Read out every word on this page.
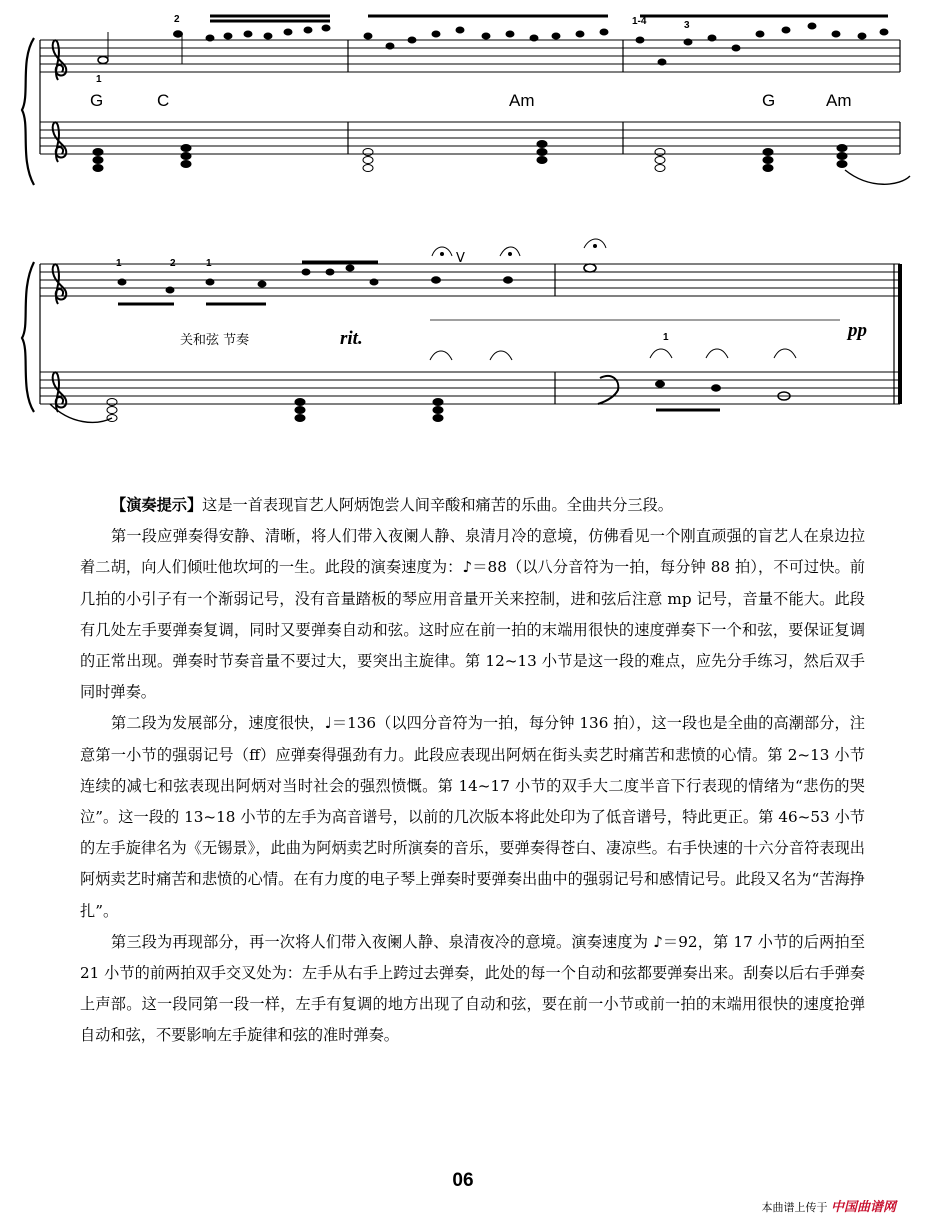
G	C	Am	G	Am
1
2	1-4	3
1	2	1
1
关和弦 节奏	rit.	pp
V

【演奏提示】这是一首表现盲艺人阿炳饱尝人间辛酸和痛苦的乐曲。全曲共分三段。

第一段应弹奏得安静、清晰，将人们带入夜阑人静、泉清月冷的意境，仿佛看见一个刚直顽强的盲艺人在泉边拉着二胡，向人们倾吐他坎坷的一生。此段的演奏速度为：♪＝88（以八分音符为一拍，每分钟 88 拍），不可过快。前几拍的小引子有一个渐弱记号，没有音量踏板的琴应用音量开关来控制，进和弦后注意 mp 记号，音量不能大。此段有几处左手要弹奏复调，同时又要弹奏自动和弦。这时应在前一拍的末端用很快的速度弹奏下一个和弦，要保证复调的正常出现。弹奏时节奏音量不要过大，要突出主旋律。第 12~13 小节是这一段的难点，应先分手练习，然后双手同时弹奏。

第二段为发展部分，速度很快，♩＝136（以四分音符为一拍，每分钟 136 拍），这一段也是全曲的高潮部分，注意第一小节的强弱记号（ff）应弹奏得强劲有力。此段应表现出阿炳在街头卖艺时痛苦和悲愤的心情。第 2~13 小节连续的减七和弦表现出阿炳对当时社会的强烈愤慨。第 14~17 小节的双手大二度半音下行表现的情绪为“悲伤的哭泣”。这一段的 13~18 小节的左手为高音谱号，以前的几次版本将此处印为了低音谱号，特此更正。第 46~53 小节的左手旋律名为《无锡景》，此曲为阿炳卖艺时所演奏的音乐，要弹奏得苍白、凄凉些。右手快速的十六分音符表现出阿炳卖艺时痛苦和悲愤的心情。在有力度的电子琴上弹奏时要弹奏出曲中的强弱记号和感情记号。此段又名为“苦海挣扎”。

第三段为再现部分，再一次将人们带入夜阑人静、泉清夜冷的意境。演奏速度为 ♪＝92，第 17 小节的后两拍至 21 小节的前两拍双手交叉处为：左手从右手上跨过去弹奏，此处的每一个自动和弦都要弹奏出来。刮奏以后右手弹奏上声部。这一段同第一段一样，左手有复调的地方出现了自动和弦，要在前一小节或前一拍的末端用很快的速度抢弹自动和弦，不要影响左手旋律和弦的准时弹奏。

06
本曲谱上传于 中国曲谱网
